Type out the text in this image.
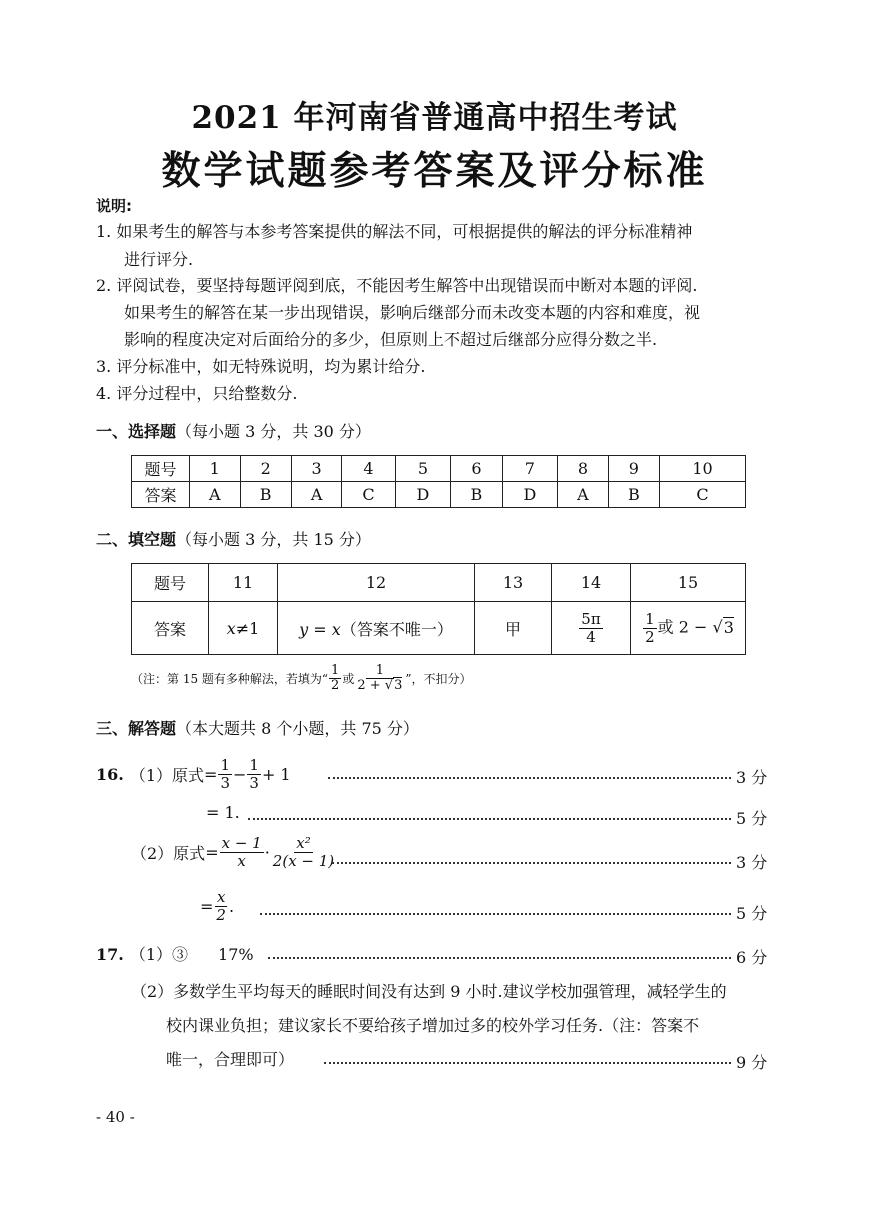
2021 年河南省普通高中招生考试
数学试题参考答案及评分标准
说明:
1. 如果考生的解答与本参考答案提供的解法不同，可根据提供的解法的评分标准精神
进行评分.
2. 评阅试卷，要坚持每题评阅到底，不能因考生解答中出现错误而中断对本题的评阅.
如果考生的解答在某一步出现错误，影响后继部分而未改变本题的内容和难度，视
影响的程度决定对后面给分的多少，但原则上不超过后继部分应得分数之半.
3. 评分标准中，如无特殊说明，均为累计给分.
4. 评分过程中，只给整数分.
一、选择题（每小题 3 分，共 30 分）
题号	1	2	3	4	5	6	7	8	9	10
答案	A	B	A	C	D	B	D	A	B	C
二、填空题（每小题 3 分，共 15 分）
题号	11	12	13	14	15
答案	x≠1	y = x（答案不唯一）	甲	$\frac{5\pi}{4}$	$\frac{1}{2}$ 或 2 − √3
（注：第 15 题有多种解法，若填为“ $\frac{1}{2}$ 或 $\frac{1}{2 + √3}$ ”，不扣分）
三、解答题（本大题共 8 个小题，共 75 分）
16. （1）原式 = $\frac{1}{3} - \frac{1}{3} + 1$	3 分
= 1.	5 分
（2）原式 = $\frac{x - 1}{x} \cdot \frac{\text{x²}}{2(x - 1)}$	3 分
= $\frac{x}{2}$ .	5 分
17. （1）③ 17%	6 分
（2）多数学生平均每天的睡眠时间没有达到 9 小时.建议学校加强管理，减轻学生的
校内课业负担；建议家长不要给孩子增加过多的校外学习任务.（注：答案不
唯一，合理即可）	9 分
- 40 -
